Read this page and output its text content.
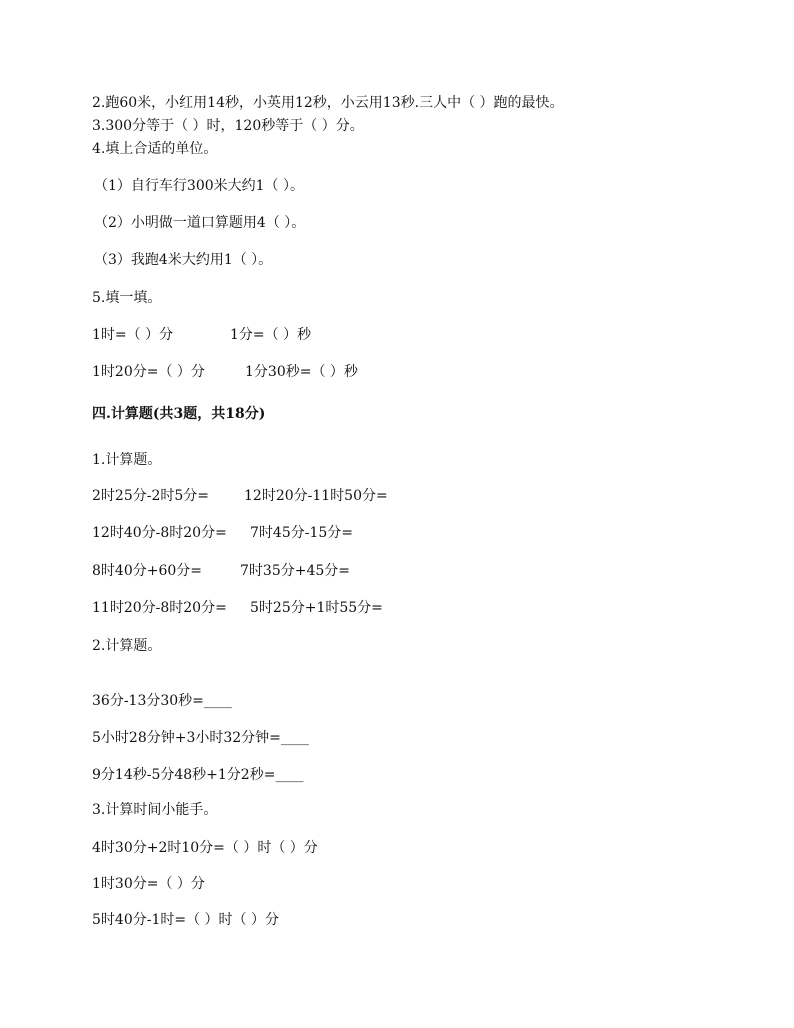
2.跑60米，小红用14秒，小英用12秒，小云用13秒.三人中（ ）跑的最快。
3.300分等于（ ）时，120秒等于（ ）分。
4.填上合适的单位。
（1）自行车行300米大约1（ ）。
（2）小明做一道口算题用4（ ）。
（3）我跑4米大约用1（ ）。
5.填一填。
1时=（ ）分	1分=（ ）秒
1时20分=（ ）分	1分30秒=（ ）秒
四.计算题(共3题，共18分)
1.计算题。
2时25分-2时5分=	12时20分-11时50分=
12时40分-8时20分= 7时45分-15分=
8时40分+60分=	7时35分+45分=
11时20分-8时20分= 5时25分+1时55分=
2.计算题。
36分-13分30秒=____
5小时28分钟+3小时32分钟=____
9分14秒-5分48秒+1分2秒=____
3.计算时间小能手。
4时30分+2时10分=（ ）时（ ）分
1时30分=（ ）分
5时40分-1时=（ ）时（ ）分
